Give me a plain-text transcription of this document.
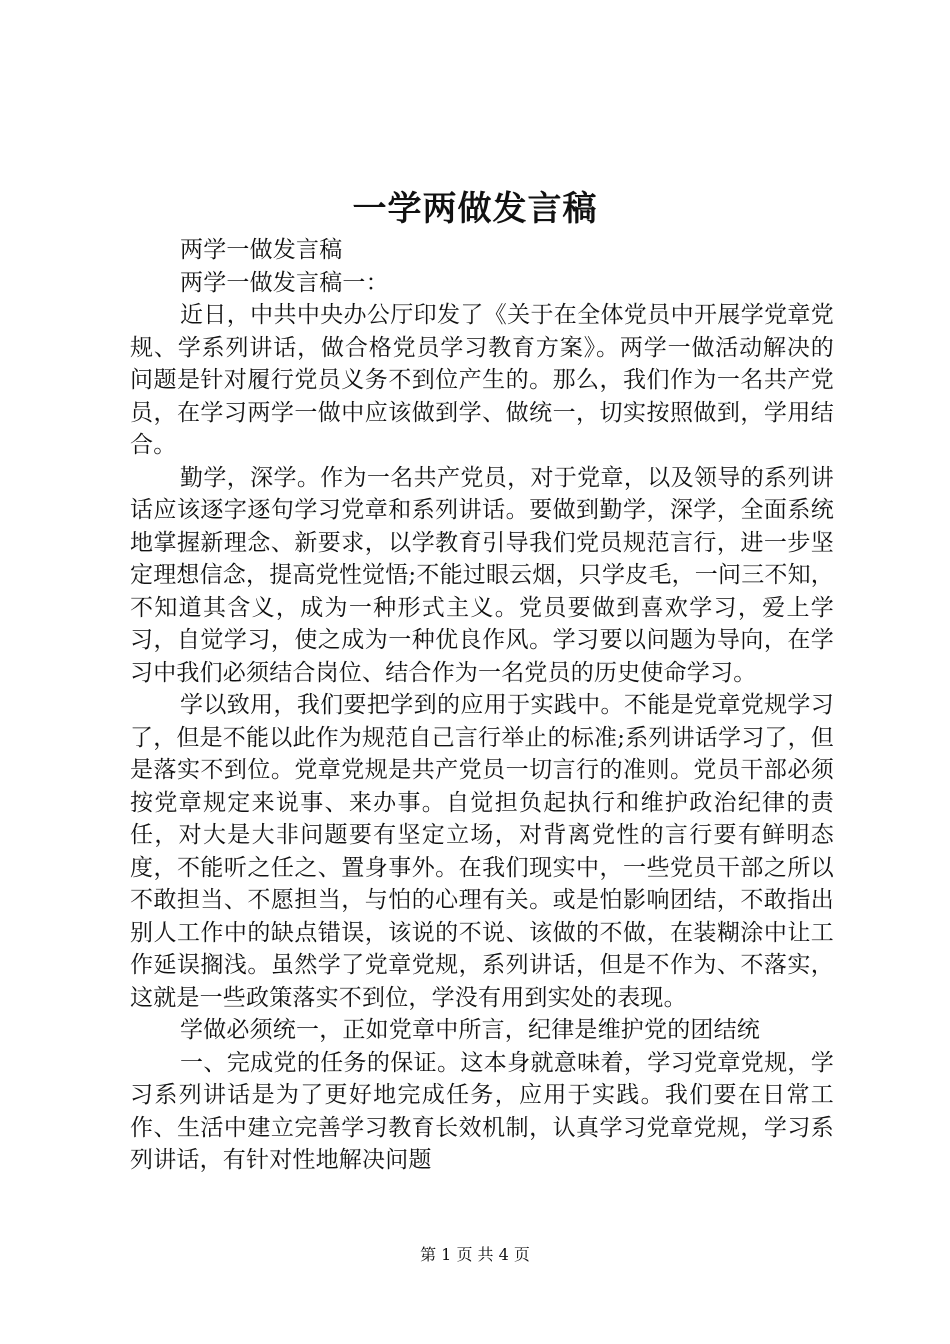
一学两做发言稿

两学一做发言稿

两学一做发言稿一：

近日，中共中央办公厅印发了《关于在全体党员中开展学党章党规、学系列讲话，做合格党员学习教育方案》。两学一做活动解决的问题是针对履行党员义务不到位产生的。那么，我们作为一名共产党员，在学习两学一做中应该做到学、做统一，切实按照做到，学用结合。

勤学，深学。作为一名共产党员，对于党章，以及领导的系列讲话应该逐字逐句学习党章和系列讲话。要做到勤学，深学，全面系统地掌握新理念、新要求，以学教育引导我们党员规范言行，进一步坚定理想信念，提高党性觉悟;不能过眼云烟，只学皮毛，一问三不知，不知道其含义，成为一种形式主义。党员要做到喜欢学习，爱上学习，自觉学习，使之成为一种优良作风。学习要以问题为导向，在学习中我们必须结合岗位、结合作为一名党员的历史使命学习。

学以致用，我们要把学到的应用于实践中。不能是党章党规学习了，但是不能以此作为规范自己言行举止的标准;系列讲话学习了，但是落实不到位。党章党规是共产党员一切言行的准则。党员干部必须按党章规定来说事、来办事。自觉担负起执行和维护政治纪律的责任，对大是大非问题要有坚定立场，对背离党性的言行要有鲜明态度，不能听之任之、置身事外。在我们现实中，一些党员干部之所以不敢担当、不愿担当，与怕的心理有关。或是怕影响团结，不敢指出别人工作中的缺点错误，该说的不说、该做的不做，在装糊涂中让工作延误搁浅。虽然学了党章党规，系列讲话，但是不作为、不落实，这就是一些政策落实不到位，学没有用到实处的表现。

学做必须统一，正如党章中所言，纪律是维护党的团结统

一、完成党的任务的保证。这本身就意味着，学习党章党规，学习系列讲话是为了更好地完成任务，应用于实践。我们要在日常工作、生活中建立完善学习教育长效机制，认真学习党章党规，学习系列讲话，有针对性地解决问题

第 1 页 共 4 页
